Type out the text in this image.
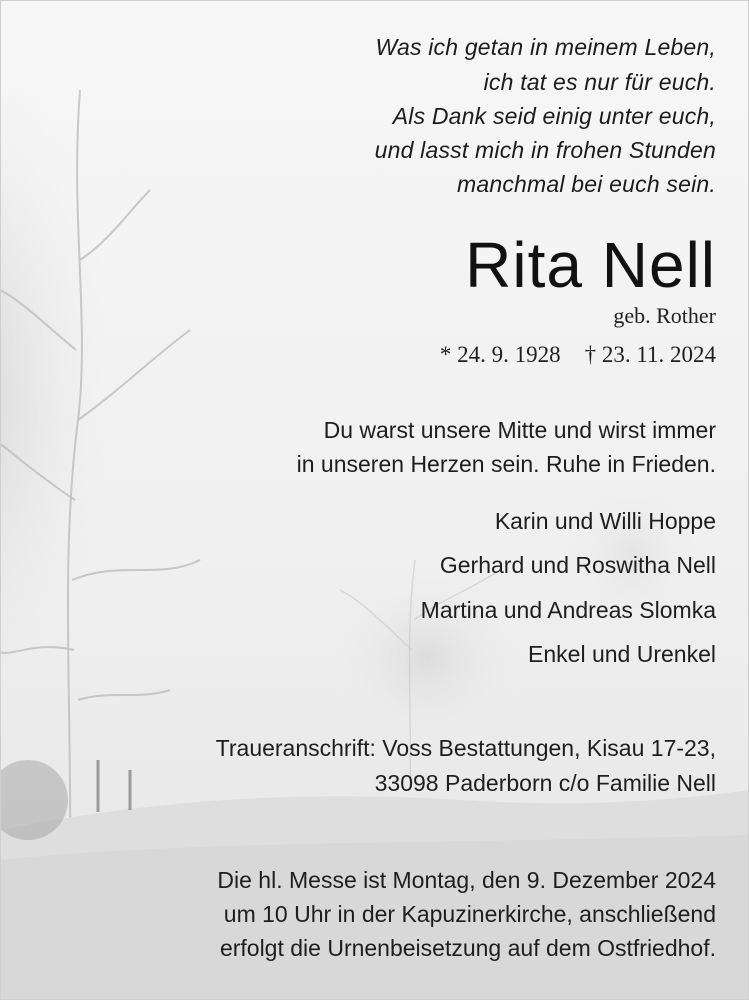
Was ich getan in meinem Leben,
ich tat es nur für euch.
Als Dank seid einig unter euch,
und lasst mich in frohen Stunden
manchmal bei euch sein.
Rita Nell
geb. Rother
* 24. 9. 1928 † 23. 11. 2024
Du warst unsere Mitte und wirst immer
in unseren Herzen sein. Ruhe in Frieden.
Karin und Willi Hoppe
Gerhard und Roswitha Nell
Martina und Andreas Slomka
Enkel und Urenkel
Traueranschrift: Voss Bestattungen, Kisau 17-23,
33098 Paderborn c/o Familie Nell
Die hl. Messe ist Montag, den 9. Dezember 2024
um 10 Uhr in der Kapuzinerkirche, anschließend
erfolgt die Urnenbeisetzung auf dem Ostfriedhof.
